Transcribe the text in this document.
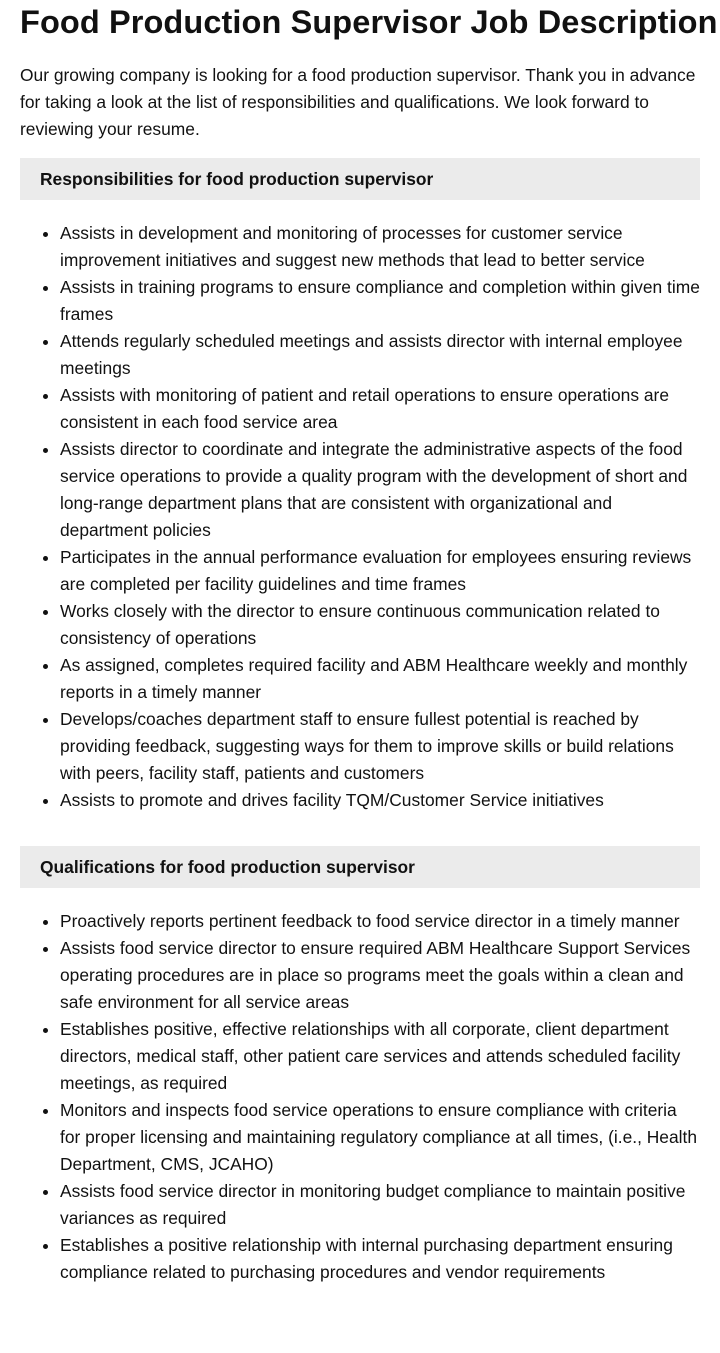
Food Production Supervisor Job Description

Our growing company is looking for a food production supervisor. Thank you in advance for taking a look at the list of responsibilities and qualifications. We look forward to reviewing your resume.

Responsibilities for food production supervisor
• Assists in development and monitoring of processes for customer service improvement initiatives and suggest new methods that lead to better service
• Assists in training programs to ensure compliance and completion within given time frames
• Attends regularly scheduled meetings and assists director with internal employee meetings
• Assists with monitoring of patient and retail operations to ensure operations are consistent in each food service area
• Assists director to coordinate and integrate the administrative aspects of the food service operations to provide a quality program with the development of short and long-range department plans that are consistent with organizational and department policies
• Participates in the annual performance evaluation for employees ensuring reviews are completed per facility guidelines and time frames
• Works closely with the director to ensure continuous communication related to consistency of operations
• As assigned, completes required facility and ABM Healthcare weekly and monthly reports in a timely manner
• Develops/coaches department staff to ensure fullest potential is reached by providing feedback, suggesting ways for them to improve skills or build relations with peers, facility staff, patients and customers
• Assists to promote and drives facility TQM/Customer Service initiatives
Qualifications for food production supervisor
• Proactively reports pertinent feedback to food service director in a timely manner
• Assists food service director to ensure required ABM Healthcare Support Services operating procedures are in place so programs meet the goals within a clean and safe environment for all service areas
• Establishes positive, effective relationships with all corporate, client department directors, medical staff, other patient care services and attends scheduled facility meetings, as required
• Monitors and inspects food service operations to ensure compliance with criteria for proper licensing and maintaining regulatory compliance at all times, (i.e., Health Department, CMS, JCAHO)
• Assists food service director in monitoring budget compliance to maintain positive variances as required
• Establishes a positive relationship with internal purchasing department ensuring compliance related to purchasing procedures and vendor requirements
